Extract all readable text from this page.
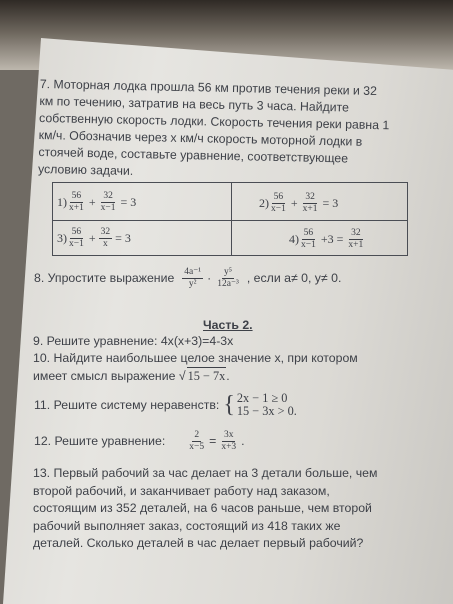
7. Моторная лодка прошла 56 км против течения реки и 32
км по течению, затратив на весь путь 3 часа. Найдите
собственную скорость лодки. Скорость течения реки равна 1
км/ч. Обозначив через x км/ч скорость моторной лодки в
стоячей воде, составьте уравнение, соответствующее
условию задачи.
$1) \frac{56}{x+1} + \frac{32}{x-1} = 3$	$2) \frac{56}{x-1} + \frac{32}{x+1} = 3$
$3) \frac{56}{x-1} + \frac{32}{x} = 3$	$4) \frac{56}{x-1} +3 = \frac{32}{x+1}$
8. Упростите выражение $\frac{\text{4a⁻¹}}{\text{y²}} \cdot \frac{\text{y⁵}}{\text{12a⁻³}}$ , если a≠ 0, y≠ 0.
Часть 2.
9. Решите уравнение: 4x(x+3)=4-3x
10. Найдите наибольшее целое значение x, при котором
имеет смысл выражение √ 15 − 7x.
11. Решите систему неравенств: { 2x − 1 ≥ 0
15 − 3x > 0.
12. Решите уравнение: $\frac{2}{x-5} = \frac{3x}{x+3}$ .
13. Первый рабочий за час делает на 3 детали больше, чем
второй рабочий, и заканчивает работу над заказом,
состоящим из 352 деталей, на 6 часов раньше, чем второй
рабочий выполняет заказ, состоящий из 418 таких же
деталей. Сколько деталей в час делает первый рабочий?
